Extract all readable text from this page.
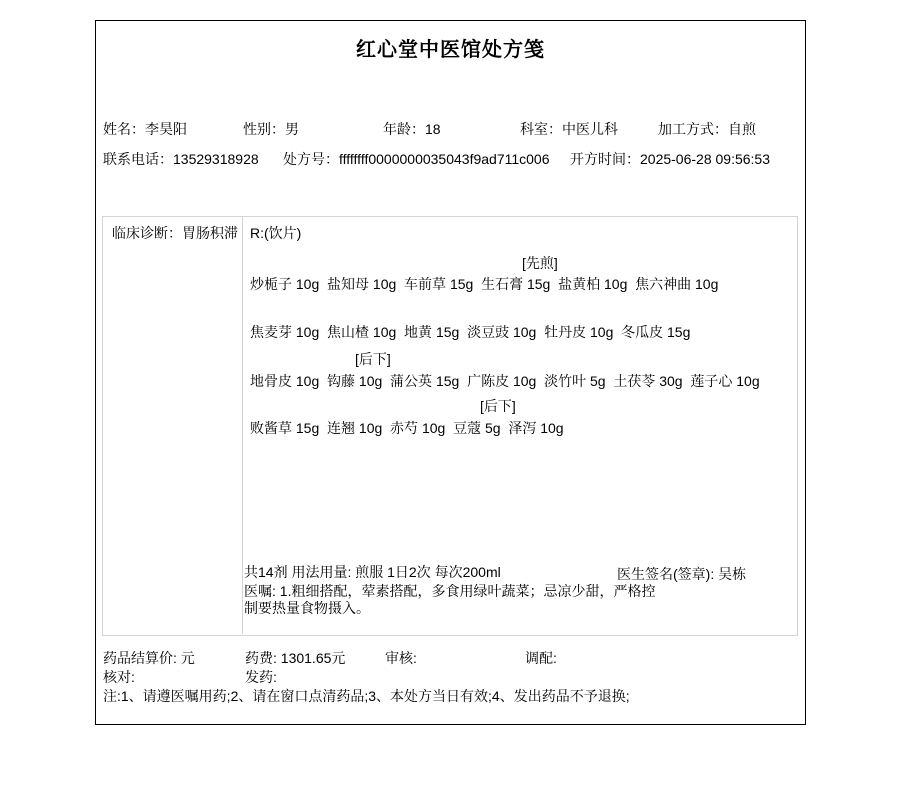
红心堂中医馆处方笺
姓名：李昊阳	性别：男	年龄：18	科室：中医儿科	加工方式：自煎
联系电话：13529318928 处方号：ffffffff0000000035043f9ad711c006 开方时间：2025-06-28 09:56:53
临床诊断：胃肠积滞 R:(饮片)
[先煎]
炒栀子 10g  盐知母 10g  车前草 15g  生石膏 15g  盐黄柏 10g  焦六神曲 10g
焦麦芽 10g  焦山楂 10g  地黄 15g  淡豆豉 10g  牡丹皮 10g  冬瓜皮 15g
[后下]
地骨皮 10g  钩藤 10g  蒲公英 15g  广陈皮 10g  淡竹叶 5g  土茯苓 30g  莲子心 10g
[后下]
败酱草 15g  连翘 10g  赤芍 10g  豆蔻 5g  泽泻 10g
共14剂 用法用量: 煎服 1日2次 每次200ml	医生签名(签章): 吴栋
医嘱: 1.粗细搭配，荤素搭配，多食用绿叶蔬菜；忌凉少甜，严格控制要热量食物摄入。
药品结算价: 元	药费: 1301.65元	审核:	调配:
核对:	发药:
注:1、请遵医嘱用药;2、请在窗口点清药品;3、本处方当日有效;4、发出药品不予退换;
